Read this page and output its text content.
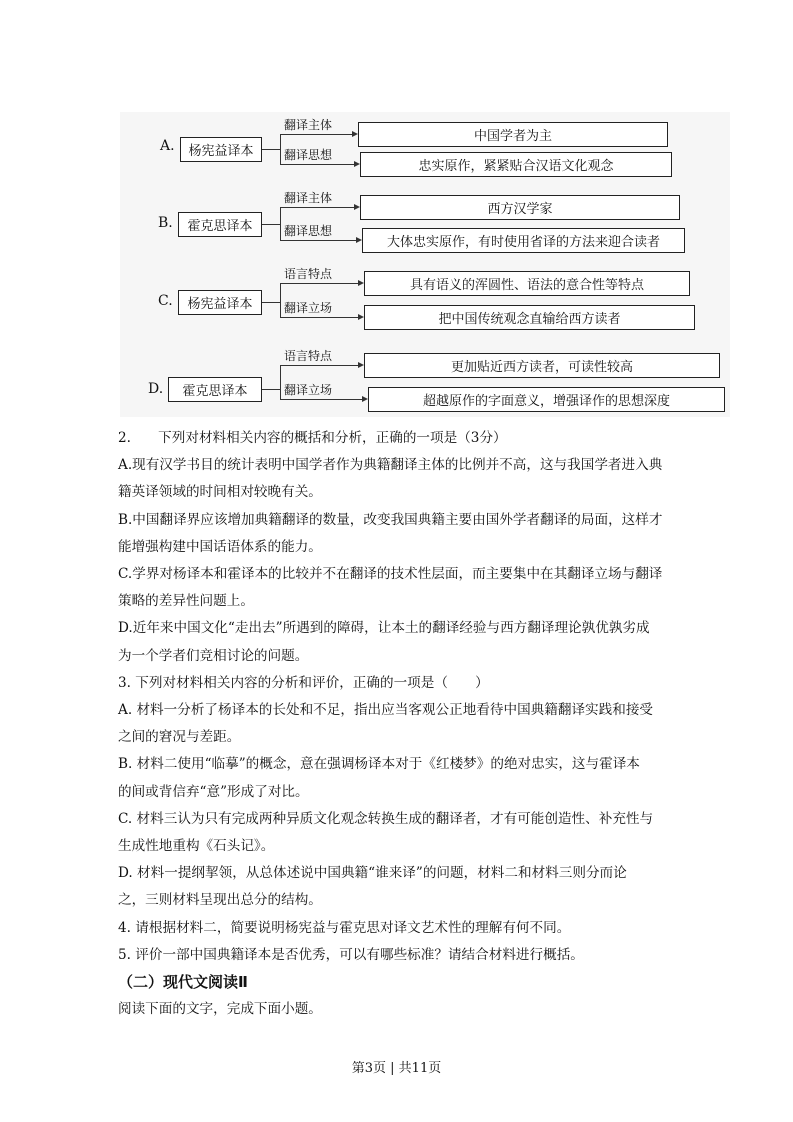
A.	杨宪益译本
翻译主体
中国学者为主
翻译思想
忠实原作，紧紧贴合汉语文化观念
B.	霍克思译本
翻译主体
西方汉学家
翻译思想
大体忠实原作，有时使用省译的方法来迎合读者
C.	杨宪益译本
语言特点
具有语义的浑圆性、语法的意合性等特点
翻译立场
把中国传统观念直输给西方读者
D.	霍克思译本
语言特点
更加贴近西方读者，可读性较高
翻译立场
超越原作的字面意义，增强译作的思想深度

2.  下列对材料相关内容的概括和分析，正确的一项是（3分）

A.现有汉学书目的统计表明中国学者作为典籍翻译主体的比例并不高，这与我国学者进入典

籍英译领域的时间相对较晚有关。

B.中国翻译界应该增加典籍翻译的数量，改变我国典籍主要由国外学者翻译的局面，这样才

能增强构建中国话语体系的能力。

C.学界对杨译本和霍译本的比较并不在翻译的技术性层面，而主要集中在其翻译立场与翻译

策略的差异性问题上。

D.近年来中国文化“走出去”所遇到的障碍，让本土的翻译经验与西方翻译理论孰优孰劣成

为一个学者们竞相讨论的问题。

3. 下列对材料相关内容的分析和评价，正确的一项是（  ）

A. 材料一分析了杨译本的长处和不足，指出应当客观公正地看待中国典籍翻译实践和接受

之间的窘况与差距。

B. 材料二使用“临摹”的概念，意在强调杨译本对于《红楼梦》的绝对忠实，这与霍译本

的间或背信弃“意”形成了对比。

C. 材料三认为只有完成两种异质文化观念转换生成的翻译者，才有可能创造性、补充性与

生成性地重构《石头记》。

D. 材料一提纲挈领，从总体述说中国典籍“谁来译”的问题，材料二和材料三则分而论

之，三则材料呈现出总分的结构。

4. 请根据材料二，简要说明杨宪益与霍克思对译文艺术性的理解有何不同。

5. 评价一部中国典籍译本是否优秀，可以有哪些标准？请结合材料进行概括。

（二）现代文阅读Ⅱ

阅读下面的文字，完成下面小题。

第3页 | 共11页
